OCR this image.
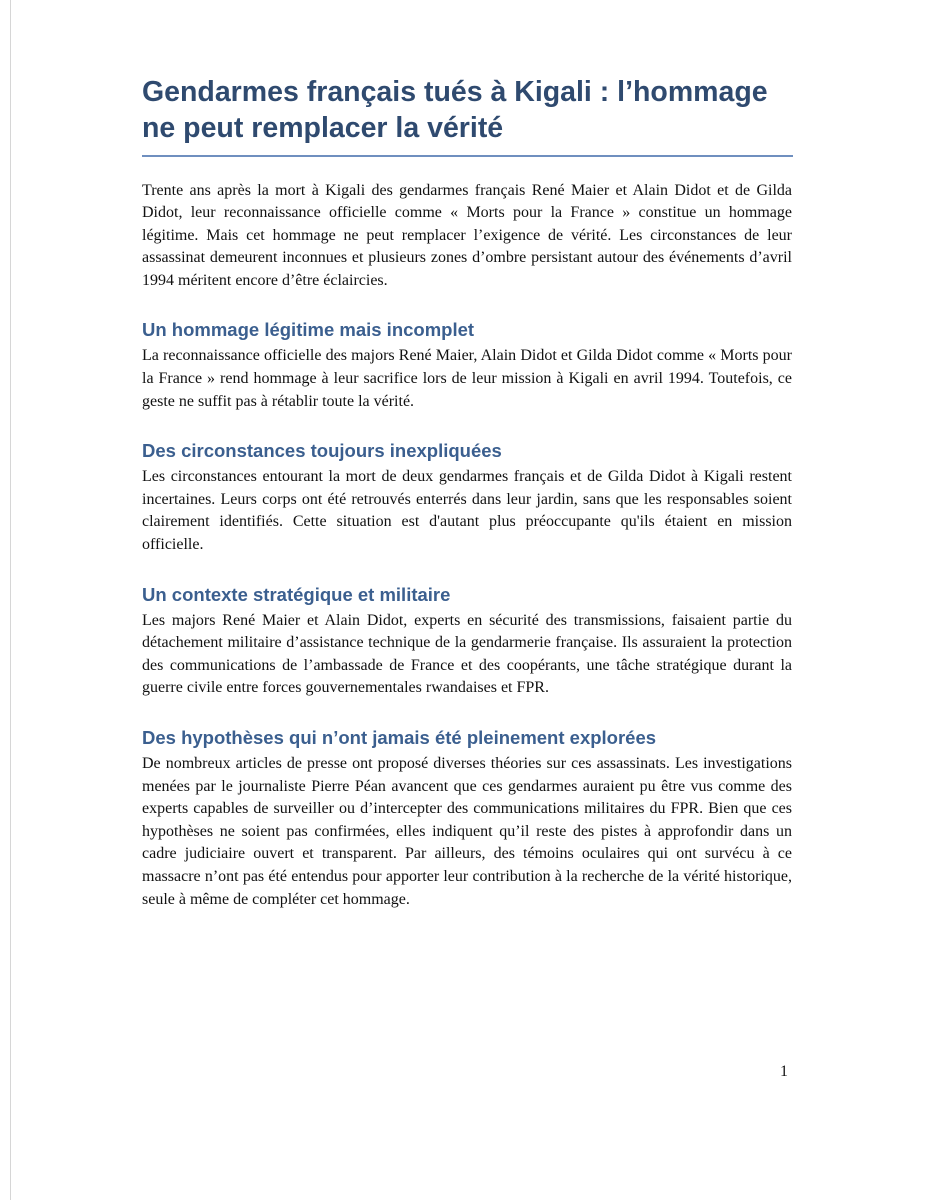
Gendarmes français tués à Kigali : l’hommage ne peut remplacer la vérité

Trente ans après la mort à Kigali des gendarmes français René Maier et Alain Didot et de Gilda Didot, leur reconnaissance officielle comme « Morts pour la France » constitue un hommage légitime. Mais cet hommage ne peut remplacer l’exigence de vérité. Les circonstances de leur assassinat demeurent inconnues et plusieurs zones d’ombre persistant autour des événements d’avril 1994 méritent encore d’être éclaircies.

Un hommage légitime mais incomplet

La reconnaissance officielle des majors René Maier, Alain Didot et Gilda Didot comme « Morts pour la France » rend hommage à leur sacrifice lors de leur mission à Kigali en avril 1994. Toutefois, ce geste ne suffit pas à rétablir toute la vérité.

Des circonstances toujours inexpliquées

Les circonstances entourant la mort de deux gendarmes français et de Gilda Didot à Kigali restent incertaines. Leurs corps ont été retrouvés enterrés dans leur jardin, sans que les responsables soient clairement identifiés. Cette situation est d'autant plus préoccupante qu'ils étaient en mission officielle.

Un contexte stratégique et militaire

Les majors René Maier et Alain Didot, experts en sécurité des transmissions, faisaient partie du détachement militaire d’assistance technique de la gendarmerie française. Ils assuraient la protection des communications de l’ambassade de France et des coopérants, une tâche stratégique durant la guerre civile entre forces gouvernementales rwandaises et FPR.

Des hypothèses qui n’ont jamais été pleinement explorées

De nombreux articles de presse ont proposé diverses théories sur ces assassinats. Les investigations menées par le journaliste Pierre Péan avancent que ces gendarmes auraient pu être vus comme des experts capables de surveiller ou d’intercepter des communications militaires du FPR. Bien que ces hypothèses ne soient pas confirmées, elles indiquent qu’il reste des pistes à approfondir dans un cadre judiciaire ouvert et transparent. Par ailleurs, des témoins oculaires qui ont survécu à ce massacre n’ont pas été entendus pour apporter leur contribution à la recherche de la vérité historique, seule à même de compléter cet hommage.

1
